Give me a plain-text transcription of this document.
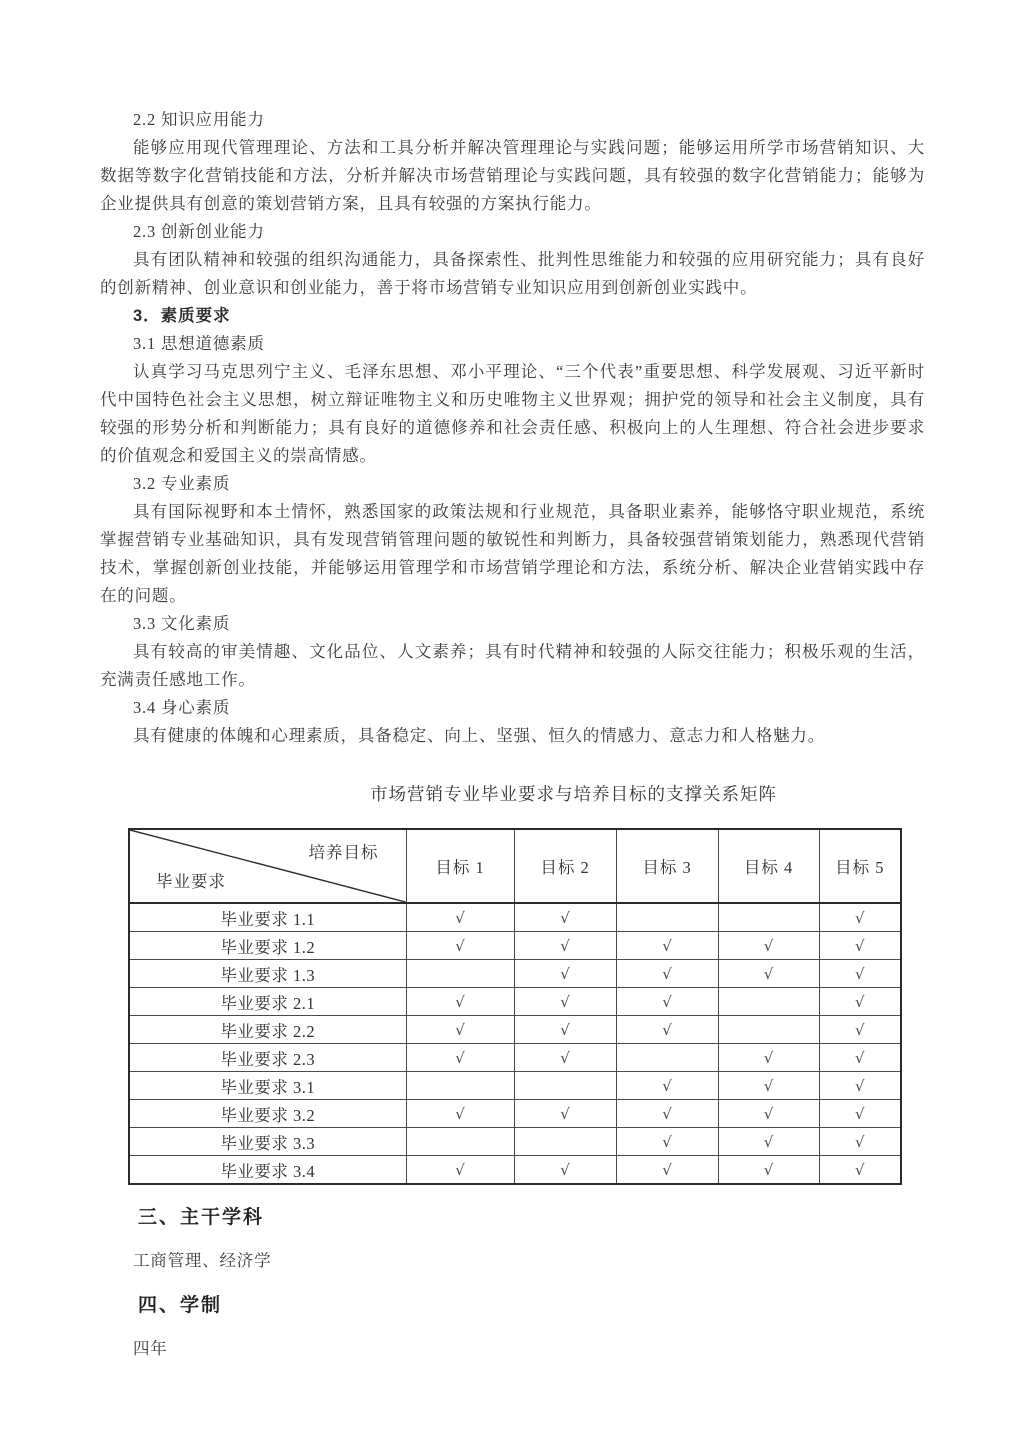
2.2 知识应用能力
能够应用现代管理理论、方法和工具分析并解决管理理论与实践问题；能够运用所学市场营销知识、大数据等数字化营销技能和方法，分析并解决市场营销理论与实践问题，具有较强的数字化营销能力；能够为企业提供具有创意的策划营销方案，且具有较强的方案执行能力。
2.3 创新创业能力
具有团队精神和较强的组织沟通能力，具备探索性、批判性思维能力和较强的应用研究能力；具有良好的创新精神、创业意识和创业能力，善于将市场营销专业知识应用到创新创业实践中。
3．素质要求
3.1 思想道德素质
认真学习马克思列宁主义、毛泽东思想、邓小平理论、“三个代表”重要思想、科学发展观、习近平新时代中国特色社会主义思想，树立辩证唯物主义和历史唯物主义世界观；拥护党的领导和社会主义制度，具有较强的形势分析和判断能力；具有良好的道德修养和社会责任感、积极向上的人生理想、符合社会进步要求的价值观念和爱国主义的崇高情感。
3.2 专业素质
具有国际视野和本土情怀，熟悉国家的政策法规和行业规范，具备职业素养，能够恪守职业规范，系统掌握营销专业基础知识，具有发现营销管理问题的敏锐性和判断力，具备较强营销策划能力，熟悉现代营销技术，掌握创新创业技能，并能够运用管理学和市场营销学理论和方法，系统分析、解决企业营销实践中存在的问题。
3.3 文化素质
具有较高的审美情趣、文化品位、人文素养；具有时代精神和较强的人际交往能力；积极乐观的生活，充满责任感地工作。
3.4 身心素质
具有健康的体魄和心理素质，具备稳定、向上、坚强、恒久的情感力、意志力和人格魅力。
市场营销专业毕业要求与培养目标的支撑关系矩阵
培养目标
毕业要求	目标 1	目标 2	目标 3	目标 4	目标 5
毕业要求 1.1	√	√			√
毕业要求 1.2	√	√	√	√	√
毕业要求 1.3		√	√	√	√
毕业要求 2.1	√	√	√		√
毕业要求 2.2	√	√	√		√
毕业要求 2.3	√	√		√	√
毕业要求 3.1			√	√	√
毕业要求 3.2	√	√	√	√	√
毕业要求 3.3			√	√	√
毕业要求 3.4	√	√	√	√	√
三、主干学科
工商管理、经济学
四、学制
四年
